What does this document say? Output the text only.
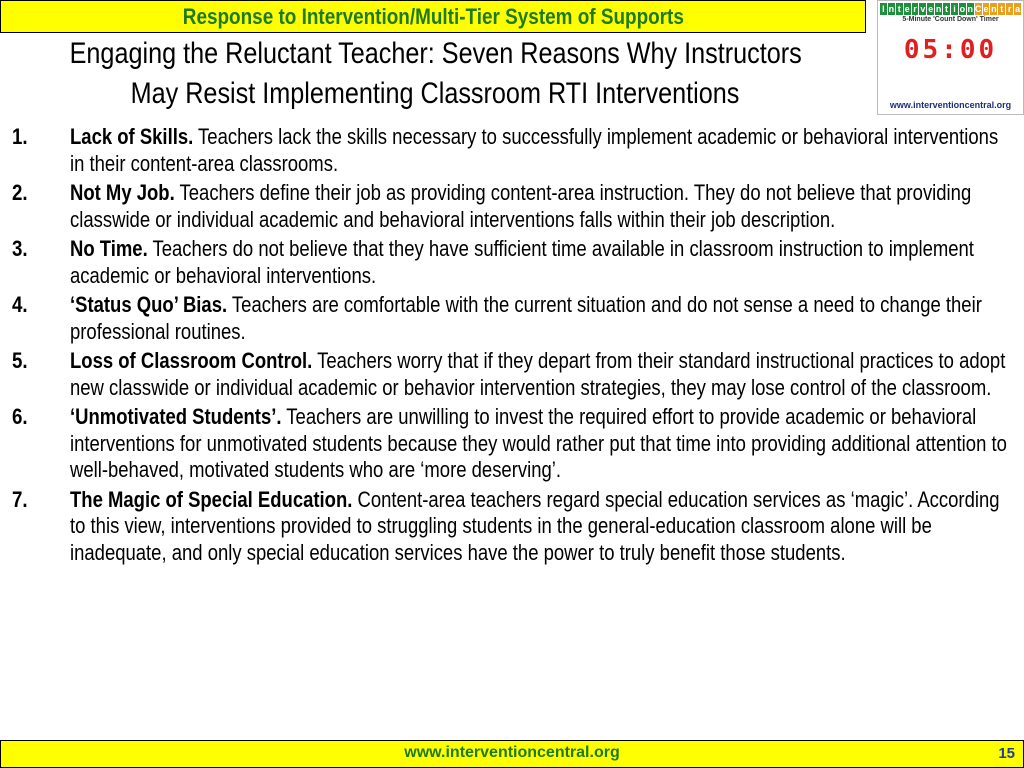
Response to Intervention/Multi-Tier System of Supports
Engaging the Reluctant Teacher: Seven Reasons Why Instructors
May Resist Implementing Classroom RTI Interventions
I n t e r v e n t i o n C e n t r a
5-Minute 'Count Down' Timer
05:00
www.interventioncentral.org
1. Lack of Skills. Teachers lack the skills necessary to successfully implement academic or behavioral interventions in their content-area classrooms.
2. Not My Job. Teachers define their job as providing content-area instruction. They do not believe that providing classwide or individual academic and behavioral interventions falls within their job description.
3. No Time. Teachers do not believe that they have sufficient time available in classroom instruction to implement academic or behavioral interventions.
4. ‘Status Quo’ Bias. Teachers are comfortable with the current situation and do not sense a need to change their professional routines.
5. Loss of Classroom Control. Teachers worry that if they depart from their standard instructional practices to adopt new classwide or individual academic or behavior intervention strategies, they may lose control of the classroom.
6. ‘Unmotivated Students’. Teachers are unwilling to invest the required effort to provide academic or behavioral interventions for unmotivated students because they would rather put that time into providing additional attention to well-behaved, motivated students who are ‘more deserving’.
7. The Magic of Special Education. Content-area teachers regard special education services as ‘magic’. According to this view, interventions provided to struggling students in the general-education classroom alone will be inadequate, and only special education services have the power to truly benefit those students.
www.interventioncentral.org	15
